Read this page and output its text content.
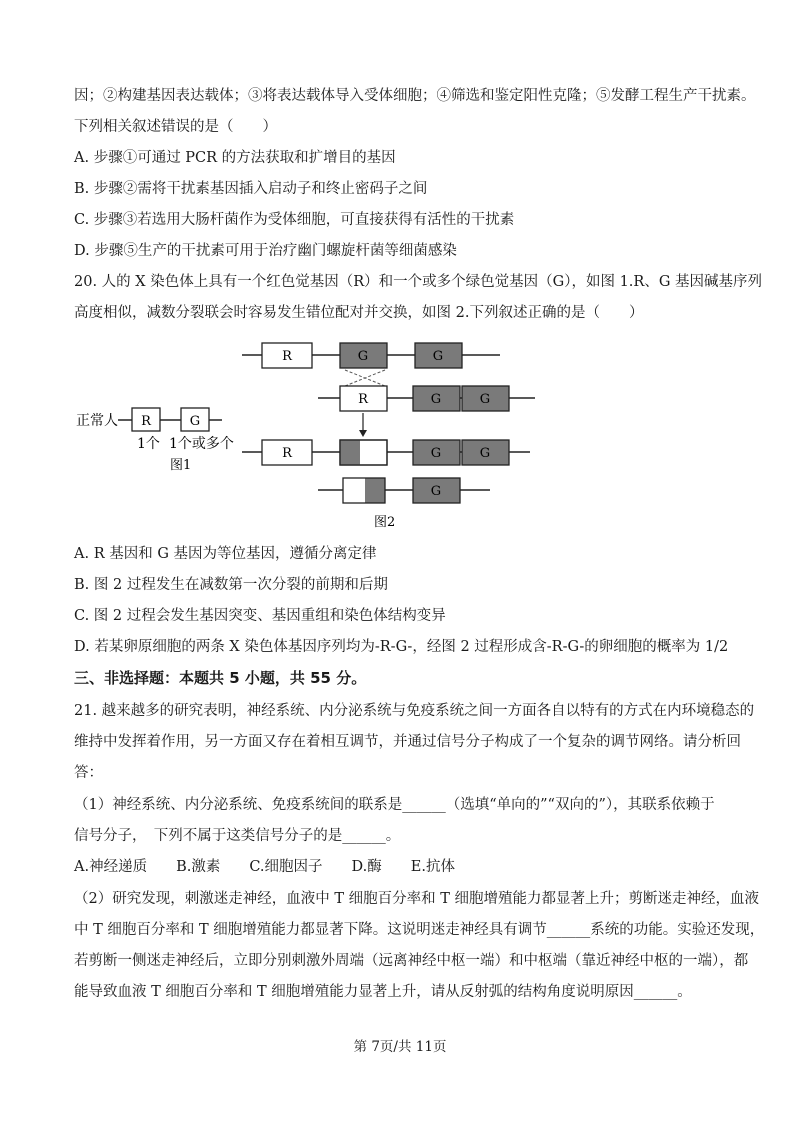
因；②构建基因表达载体；③将表达载体导入受体细胞；④筛选和鉴定阳性克隆；⑤发酵工程生产干扰素。
下列相关叙述错误的是（　　）
A. 步骤①可通过 PCR 的方法获取和扩增目的基因
B. 步骤②需将干扰素基因插入启动子和终止密码子之间
C. 步骤③若选用大肠杆菌作为受体细胞，可直接获得有活性的干扰素
D. 步骤⑤生产的干扰素可用于治疗幽门螺旋杆菌等细菌感染
20. 人的 X 染色体上具有一个红色觉基因（R）和一个或多个绿色觉基因（G），如图 1.R、G 基因碱基序列
高度相似，减数分裂联会时容易发生错位配对并交换，如图 2.下列叙述正确的是（　　）
R	G	G
R	G	G
正常人 R	G
1个 1个或多个
图1
R	G	G
G
图2
A. R 基因和 G 基因为等位基因，遵循分离定律
B. 图 2 过程发生在减数第一次分裂的前期和后期
C. 图 2 过程会发生基因突变、基因重组和染色体结构变异
D. 若某卵原细胞的两条 X 染色体基因序列均为-R-G-，经图 2 过程形成含-R-G-的卵细胞的概率为 1/2
三、非选择题：本题共 5 小题，共 55 分。
21. 越来越多的研究表明，神经系统、内分泌系统与免疫系统之间一方面各自以特有的方式在内环境稳态的
维持中发挥着作用，另一方面又存在着相互调节，并通过信号分子构成了一个复杂的调节网络。请分析回
答：
（1）神经系统、内分泌系统、免疫系统间的联系是______（选填“单向的”“双向的”），其联系依赖于
信号分子，　下列不属于这类信号分子的是______。
A.神经递质　　B.激素　　C.细胞因子　　D.酶　　E.抗体
（2）研究发现，刺激迷走神经，血液中 T 细胞百分率和 T 细胞增殖能力都显著上升；剪断迷走神经，血液
中 T 细胞百分率和 T 细胞增殖能力都显著下降。这说明迷走神经具有调节______系统的功能。实验还发现，
若剪断一侧迷走神经后，立即分别刺激外周端（远离神经中枢一端）和中枢端（靠近神经中枢的一端），都
能导致血液 T 细胞百分率和 T 细胞增殖能力显著上升，请从反射弧的结构角度说明原因______。
第 7页/共 11页
